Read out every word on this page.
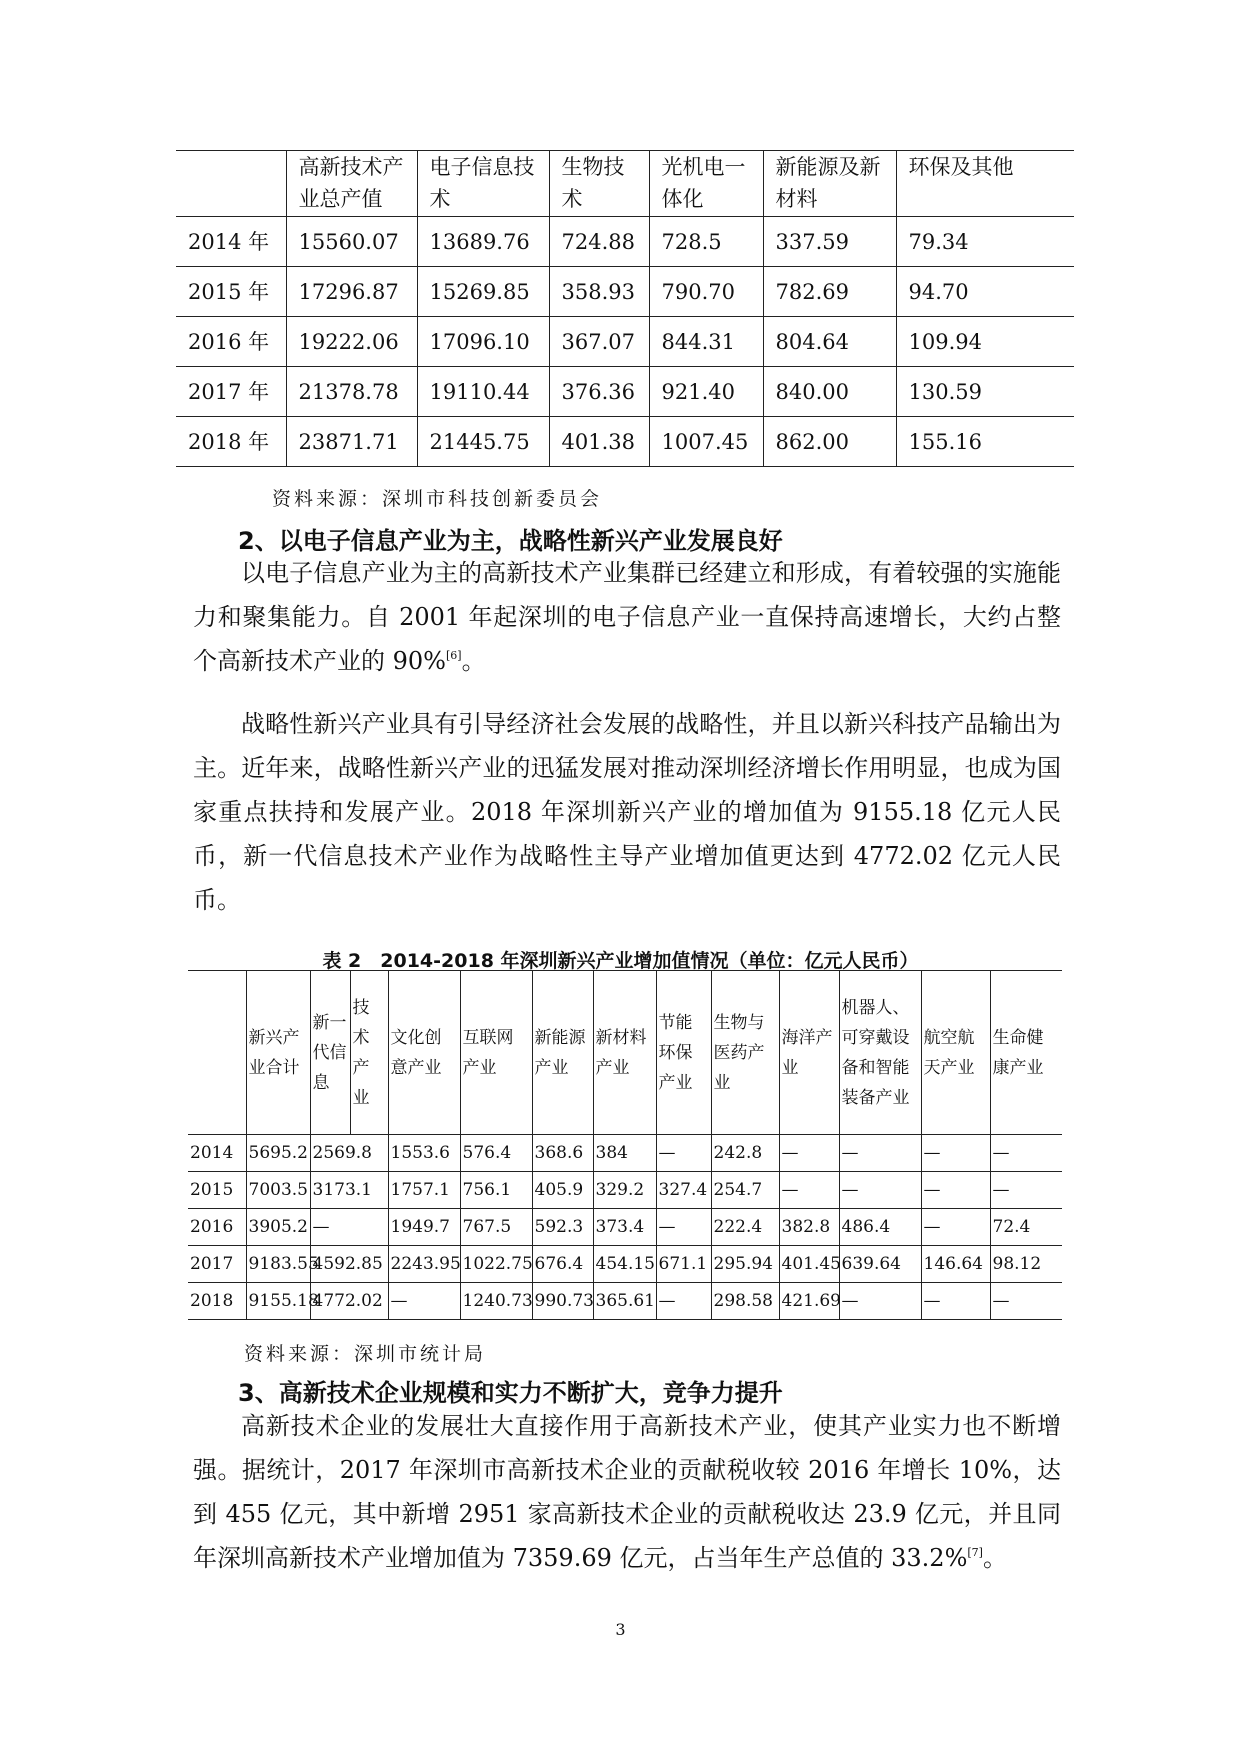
	高新技术产业总产值	电子信息技术	生物技术	光机电一体化	新能源及新材料	环保及其他
2014 年	15560.07	13689.76	724.88	728.5	337.59	79.34
2015 年	17296.87	15269.85	358.93	790.70	782.69	94.70
2016 年	19222.06	17096.10	367.07	844.31	804.64	109.94
2017 年	21378.78	19110.44	376.36	921.40	840.00	130.59
2018 年	23871.71	21445.75	401.38	1007.45	862.00	155.16
资料来源：深圳市科技创新委员会
2、以电子信息产业为主，战略性新兴产业发展良好

以电子信息产业为主的高新技术产业集群已经建立和形成，有着较强的实施能力和聚集能力。自 2001 年起深圳的电子信息产业一直保持高速增长，大约占整个高新技术产业的 90%[6]。

战略性新兴产业具有引导经济社会发展的战略性，并且以新兴科技产品输出为主。近年来，战略性新兴产业的迅猛发展对推动深圳经济增长作用明显，也成为国家重点扶持和发展产业。2018 年深圳新兴产业的增加值为 9155.18 亿元人民币，新一代信息技术产业作为战略性主导产业增加值更达到 4772.02 亿元人民币。

表 2　2014-2018 年深圳新兴产业增加值情况（单位：亿元人民币）
	新兴产业合计	新一代信息	技术产业	文化创意产业	互联网产业	新能源产业	新材料产业	节能环保产业	生物与医药产业	海洋产业	机器人、可穿戴设备和智能装备产业	航空航天产业	生命健康产业
2014	5695.2	2569.8		1553.6	576.4	368.6	384	—	242.8	—	—	—	—
2015	7003.5	3173.1		1757.1	756.1	405.9	329.2	327.4	254.7	—	—	—	—
2016	3905.2	—		1949.7	767.5	592.3	373.4	—	222.4	382.8	486.4	—	72.4
2017	9183.55	4592.85		2243.95	1022.75	676.4	454.15	671.1	295.94	401.45	639.64	146.64	98.12
2018	9155.18	4772.02		—	1240.73	990.73	365.61	—	298.58	421.69	—	—	—
资料来源：深圳市统计局
3、高新技术企业规模和实力不断扩大，竞争力提升

高新技术企业的发展壮大直接作用于高新技术产业，使其产业实力也不断增强。据统计，2017 年深圳市高新技术企业的贡献税收较 2016 年增长 10%，达到 455 亿元，其中新增 2951 家高新技术企业的贡献税收达 23.9 亿元，并且同年深圳高新技术产业增加值为 7359.69 亿元，占当年生产总值的 33.2%[7]。

3
